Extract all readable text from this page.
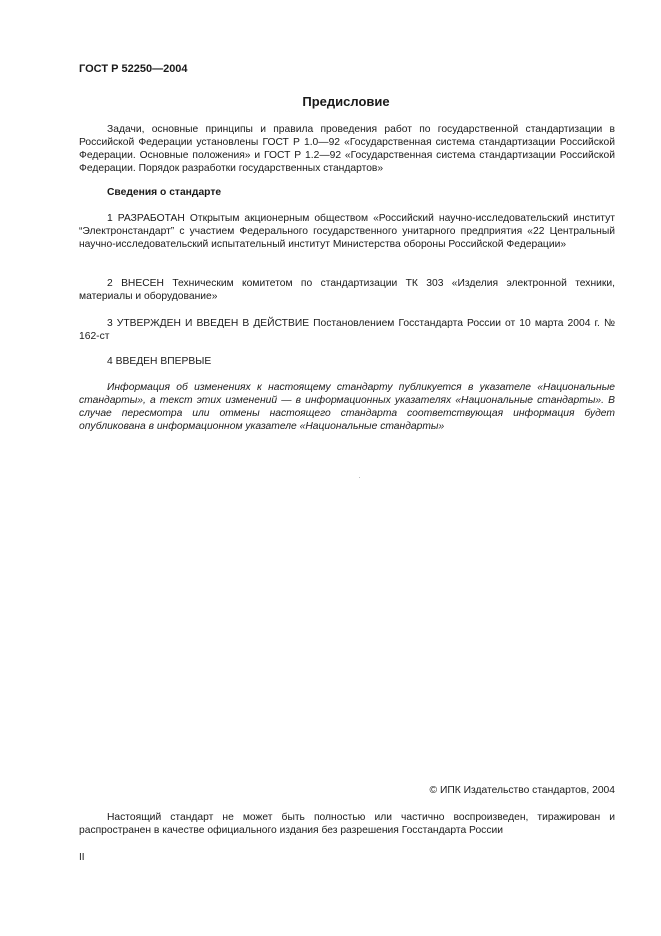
ГОСТ Р 52250—2004
Предисловие

Задачи, основные принципы и правила проведения работ по государственной стандартизации в Российской Федерации установлены ГОСТ Р 1.0—92 «Государственная система стандартизации Российской Федерации. Основные положения» и ГОСТ Р 1.2—92 «Государственная система стандартизации Российской Федерации. Порядок разработки государственных стандартов»

Сведения о стандарте

1 РАЗРАБОТАН Открытым акционерным обществом «Российский научно-исследовательский институт “Электронстандарт” с участием Федерального государственного унитарного предприятия «22 Центральный научно-исследовательский испытательный институт Министерства обороны Российской Федерации»

2 ВНЕСЕН Техническим комитетом по стандартизации ТК 303 «Изделия электронной техники, материалы и оборудование»

3 УТВЕРЖДЕН И ВВЕДЕН В ДЕЙСТВИЕ Постановлением Госстандарта России от 10 марта 2004 г. № 162-ст

4 ВВЕДЕН ВПЕРВЫЕ

Информация об изменениях к настоящему стандарту публикуется в указателе «Национальные стандарты», а текст этих изменений — в информационных указателях «Национальные стандарты». В случае пересмотра или отмены настоящего стандарта соответствующая информация будет опубликована в информационном указателе «Национальные стандарты»

© ИПК Издательство стандартов, 2004

Настоящий стандарт не может быть полностью или частично воспроизведен, тиражирован и распространен в качестве официального издания без разрешения Госстандарта России

II
